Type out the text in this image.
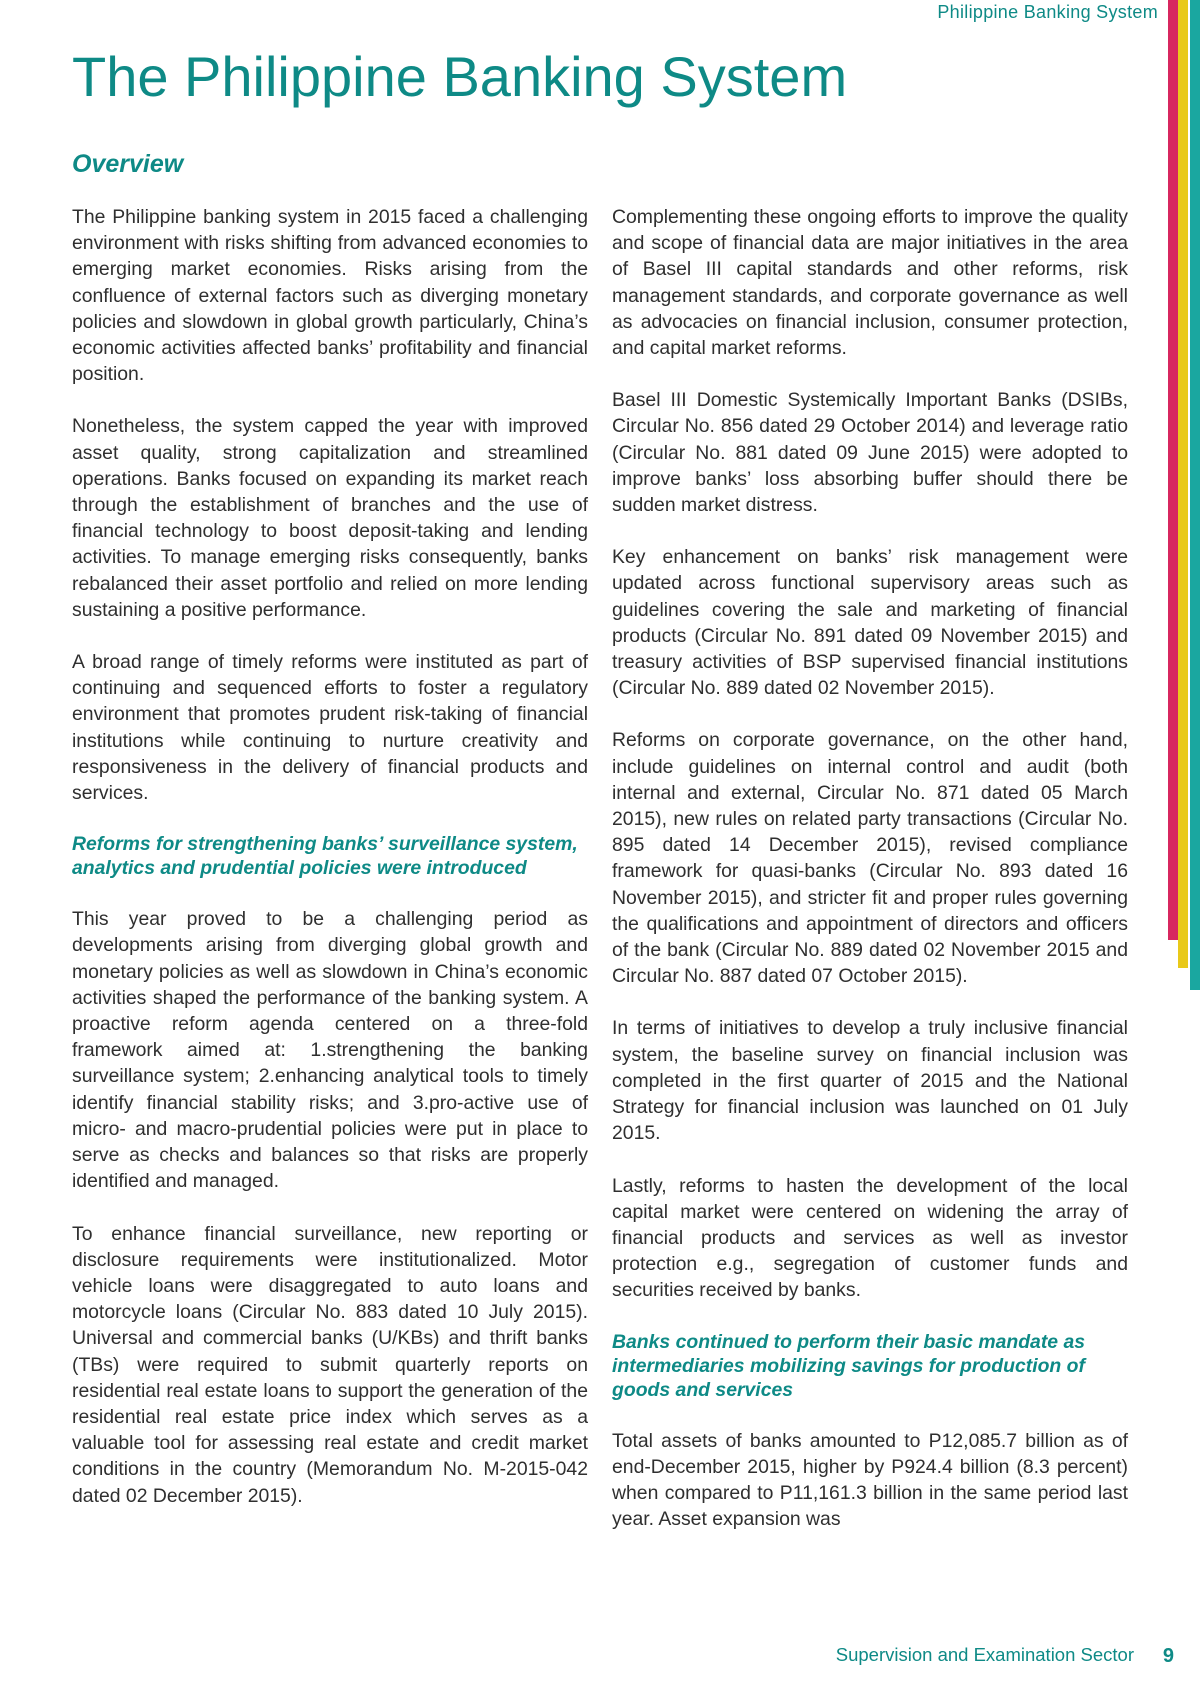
Philippine Banking System
The Philippine Banking System
Overview

The Philippine banking system in 2015 faced a challenging environment with risks shifting from advanced economies to emerging market economies. Risks arising from the confluence of external factors such as diverging monetary policies and slowdown in global growth particularly, China’s economic activities affected banks’ profitability and financial position.

Nonetheless, the system capped the year with improved asset quality, strong capitalization and streamlined operations. Banks focused on expanding its market reach through the establishment of branches and the use of financial technology to boost deposit-taking and lending activities. To manage emerging risks consequently, banks rebalanced their asset portfolio and relied on more lending sustaining a positive performance.

A broad range of timely reforms were instituted as part of continuing and sequenced efforts to foster a regulatory environment that promotes prudent risk-taking of financial institutions while continuing to nurture creativity and responsiveness in the delivery of financial products and services.

Reforms for strengthening banks’ surveillance system, analytics and prudential policies were introduced

This year proved to be a challenging period as developments arising from diverging global growth and monetary policies as well as slowdown in China’s economic activities shaped the performance of the banking system. A proactive reform agenda centered on a three-fold framework aimed at: 1.strengthening the banking surveillance system; 2.enhancing analytical tools to timely identify financial stability risks; and 3.pro-active use of micro- and macro-prudential policies were put in place to serve as checks and balances so that risks are properly identified and managed.

To enhance financial surveillance, new reporting or disclosure requirements were institutionalized. Motor vehicle loans were disaggregated to auto loans and motorcycle loans (Circular No. 883 dated 10 July 2015). Universal and commercial banks (U/KBs) and thrift banks (TBs) were required to submit quarterly reports on residential real estate loans to support the generation of the residential real estate price index which serves as a valuable tool for assessing real estate and credit market conditions in the country (Memorandum No. M-2015-042 dated 02 December 2015).

Complementing these ongoing efforts to improve the quality and scope of financial data are major initiatives in the area of Basel III capital standards and other reforms, risk management standards, and corporate governance as well as advocacies on financial inclusion, consumer protection, and capital market reforms.

Basel III Domestic Systemically Important Banks (DSIBs, Circular No. 856 dated 29 October 2014) and leverage ratio (Circular No. 881 dated 09 June 2015) were adopted to improve banks’ loss absorbing buffer should there be sudden market distress.

Key enhancement on banks’ risk management were updated across functional supervisory areas such as guidelines covering the sale and marketing of financial products (Circular No. 891 dated 09 November 2015) and treasury activities of BSP supervised financial institutions (Circular No. 889 dated 02 November 2015).

Reforms on corporate governance, on the other hand, include guidelines on internal control and audit (both internal and external, Circular No. 871 dated 05 March 2015), new rules on related party transactions (Circular No. 895 dated 14 December 2015), revised compliance framework for quasi-banks (Circular No. 893 dated 16 November 2015), and stricter fit and proper rules governing the qualifications and appointment of directors and officers of the bank (Circular No. 889 dated 02 November 2015 and Circular No. 887 dated 07 October 2015).

In terms of initiatives to develop a truly inclusive financial system, the baseline survey on financial inclusion was completed in the first quarter of 2015 and the National Strategy for financial inclusion was launched on 01 July 2015.

Lastly, reforms to hasten the development of the local capital market were centered on widening the array of financial products and services as well as investor protection e.g., segregation of customer funds and securities received by banks.

Banks continued to perform their basic mandate as intermediaries mobilizing savings for production of goods and services

Total assets of banks amounted to P12,085.7 billion as of end-December 2015, higher by P924.4 billion (8.3 percent) when compared to P11,161.3 billion in the same period last year. Asset expansion was

Supervision and Examination Sector 9
